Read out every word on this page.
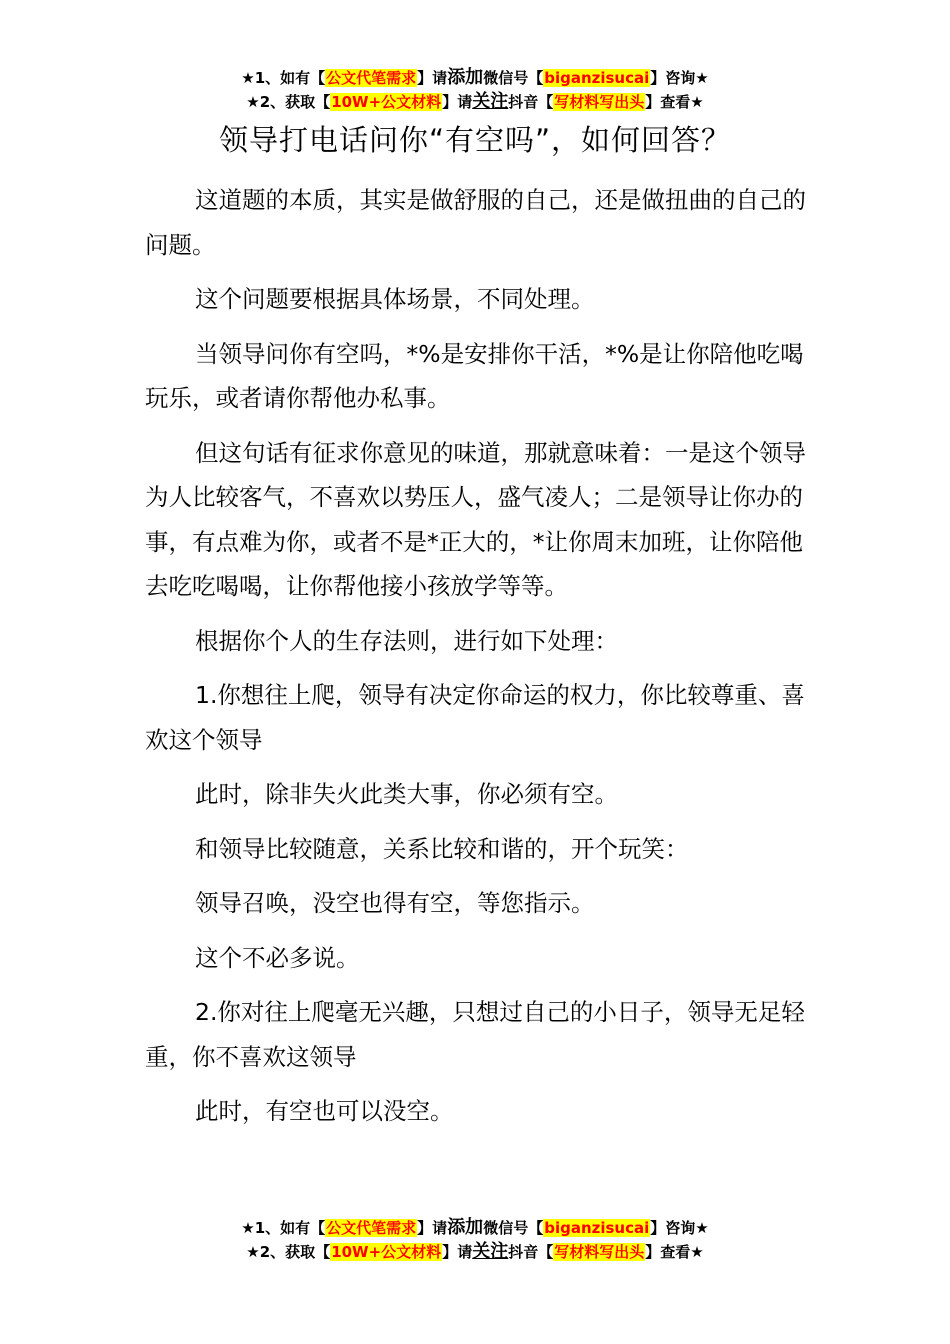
★1、如有【公文代笔需求】请添加微信号【biganzisucai】咨询★
★2、获取【10W+公文材料】请关注抖音【写材料写出头】查看★
领导打电话问你“有空吗”，如何回答？

这道题的本质，其实是做舒服的自己，还是做扭曲的自己的问题。

这个问题要根据具体场景，不同处理。

当领导问你有空吗，*%是安排你干活，*%是让你陪他吃喝玩乐，或者请你帮他办私事。

但这句话有征求你意见的味道，那就意味着：一是这个领导为人比较客气，不喜欢以势压人，盛气凌人；二是领导让你办的事，有点难为你，或者不是*正大的，*让你周末加班，让你陪他去吃吃喝喝，让你帮他接小孩放学等等。

根据你个人的生存法则，进行如下处理：

1.你想往上爬，领导有决定你命运的权力，你比较尊重、喜欢这个领导

此时，除非失火此类大事，你必须有空。

和领导比较随意，关系比较和谐的，开个玩笑：

领导召唤，没空也得有空，等您指示。

这个不必多说。

2.你对往上爬毫无兴趣，只想过自己的小日子，领导无足轻重，你不喜欢这领导

此时，有空也可以没空。

★1、如有【公文代笔需求】请添加微信号【biganzisucai】咨询★
★2、获取【10W+公文材料】请关注抖音【写材料写出头】查看★
